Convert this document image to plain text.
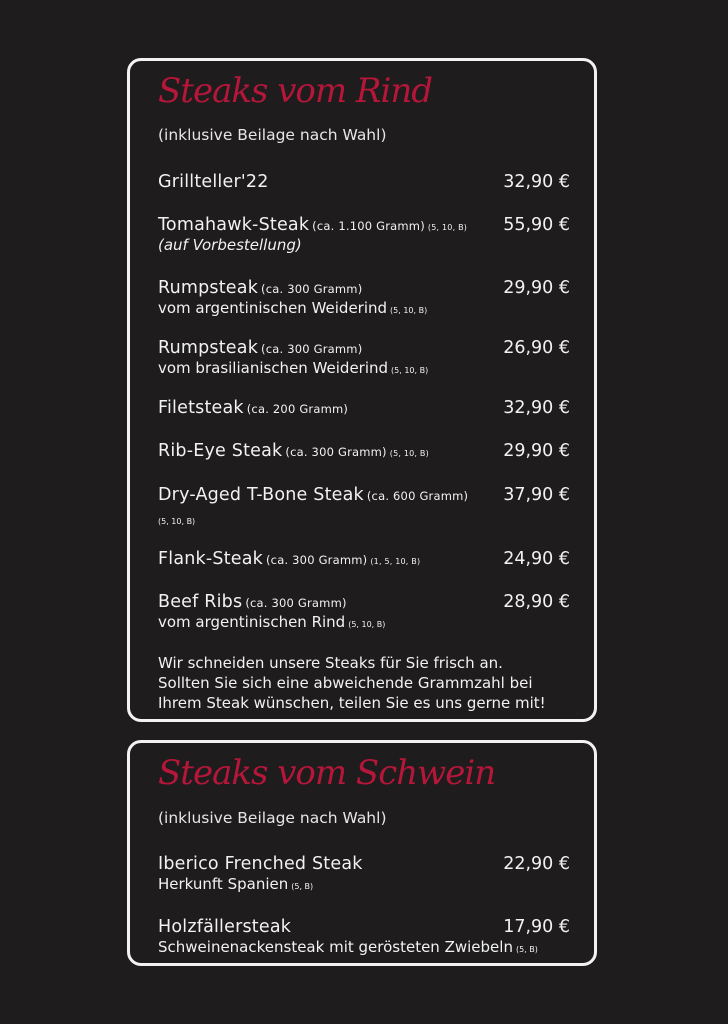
Steaks vom Rind
(inklusive Beilage nach Wahl)
Grillteller'22	32,90 €
Tomahawk-Steak (ca. 1.100 Gramm) (5, 10, B) 55,90 €
(auf Vorbestellung)
Rumpsteak (ca. 300 Gramm)	29,90 €
vom argentinischen Weiderind (5, 10, B)
Rumpsteak (ca. 300 Gramm)	26,90 €
vom brasilianischen Weiderind (5, 10, B)
Filetsteak (ca. 200 Gramm)	32,90 €
Rib-Eye Steak (ca. 300 Gramm) (5, 10, B)	29,90 €
Dry-Aged T-Bone Steak (ca. 600 Gramm) 37,90 €
(5, 10, B)
Flank-Steak (ca. 300 Gramm) (1, 5, 10, B)	24,90 €
Beef Ribs (ca. 300 Gramm)	28,90 €
vom argentinischen Rind (5, 10, B)
Wir schneiden unsere Steaks für Sie frisch an.
Sollten Sie sich eine abweichende Grammzahl bei
Ihrem Steak wünschen, teilen Sie es uns gerne mit!
Steaks vom Schwein
(inklusive Beilage nach Wahl)
Iberico Frenched Steak	22,90 €
Herkunft Spanien (5, B)
Holzfällersteak	17,90 €
Schweinenackensteak mit gerösteten Zwiebeln (5, B)
